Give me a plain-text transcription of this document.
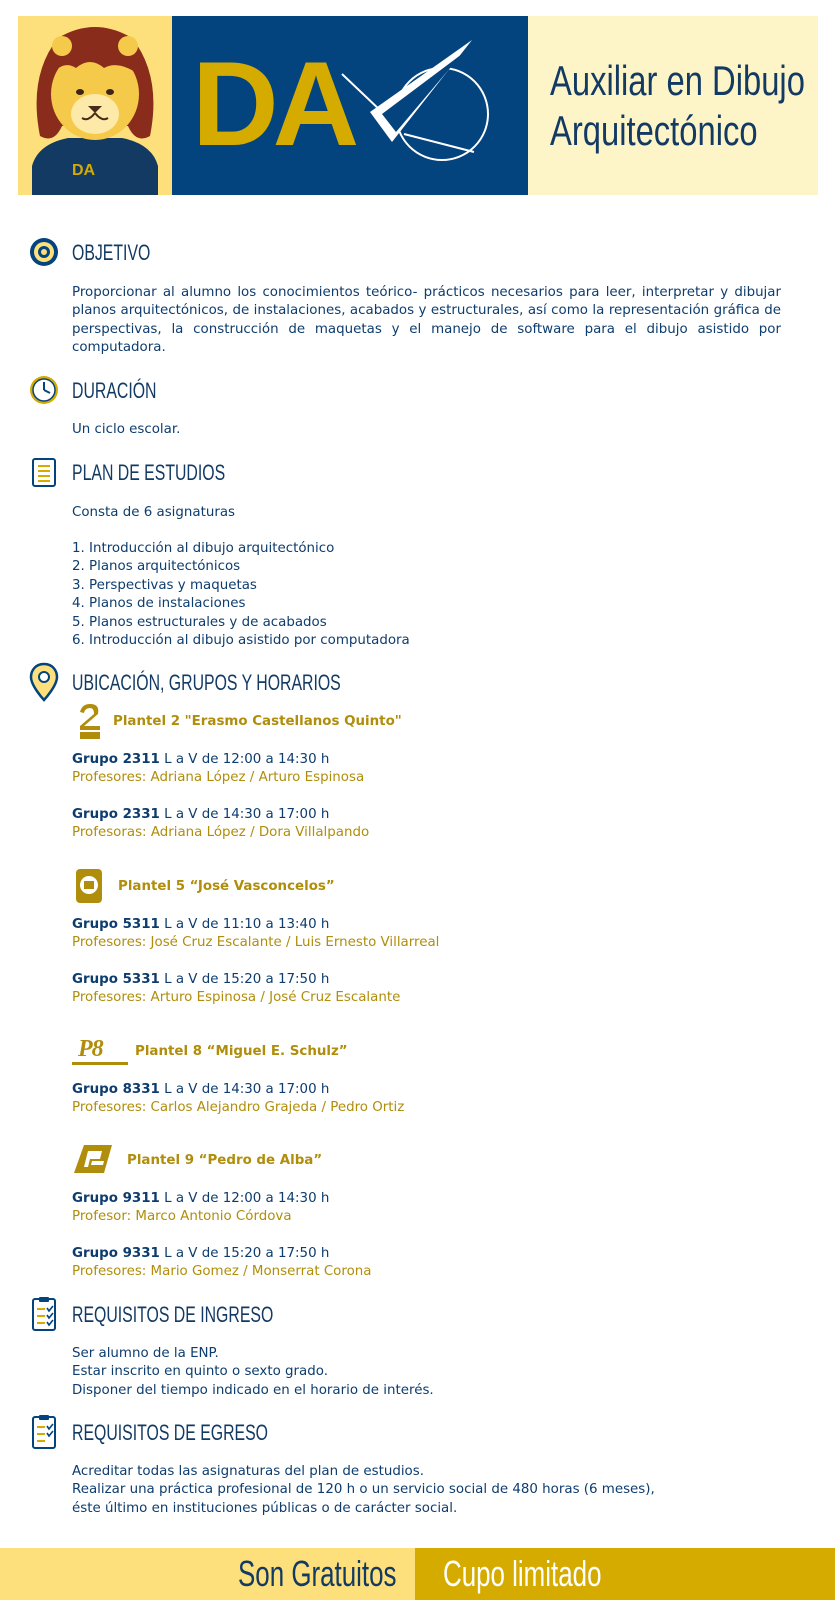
DA DA	Auxiliar en Dibujo
Arquitectónico
OBJETIVO
Proporcionar al alumno los conocimientos teórico- prácticos necesarios para leer, interpretar y dibujar planos arquitectónicos, de instalaciones, acabados y estructurales, así como la representación gráfica de perspectivas, la construcción de maquetas y el manejo de software para el dibujo asistido por computadora.
DURACIÓN
Un ciclo escolar.
PLAN DE ESTUDIOS
Consta de 6 asignaturas
1. Introducción al dibujo arquitectónico
2. Planos arquitectónicos
3. Perspectivas y maquetas
4. Planos de instalaciones
5. Planos estructurales y de acabados
6. Introducción al dibujo asistido por computadora
UBICACIÓN, GRUPOS Y HORARIOS
Plantel 2 "Erasmo Castellanos Quinto"
Grupo 2311 L a V de 12:00 a 14:30 h
Profesores: Adriana López / Arturo Espinosa
Grupo 2331 L a V de 14:30 a 17:00 h
Profesoras: Adriana López / Dora Villalpando
Plantel 5 “José Vasconcelos”
Grupo 5311 L a V de 11:10 a 13:40 h
Profesores: José Cruz Escalante / Luis Ernesto Villarreal
Grupo 5331 L a V de 15:20 a 17:50 h
Profesores: Arturo Espinosa / José Cruz Escalante
P8 Plantel 8 “Miguel E. Schulz”
Grupo 8331 L a V de 14:30 a 17:00 h
Profesores: Carlos Alejandro Grajeda / Pedro Ortiz
Plantel 9 “Pedro de Alba”
Grupo 9311 L a V de 12:00 a 14:30 h
Profesor: Marco Antonio Córdova
Grupo 9331 L a V de 15:20 a 17:50 h
Profesores: Mario Gomez / Monserrat Corona
REQUISITOS DE INGRESO
Ser alumno de la ENP.
Estar inscrito en quinto o sexto grado.
Disponer del tiempo indicado en el horario de interés.
REQUISITOS DE EGRESO
Acreditar todas las asignaturas del plan de estudios.
Realizar una práctica profesional de 120 h o un servicio social de 480 horas (6 meses),
éste último en instituciones públicas o de carácter social.
Son Gratuitos Cupo limitado
